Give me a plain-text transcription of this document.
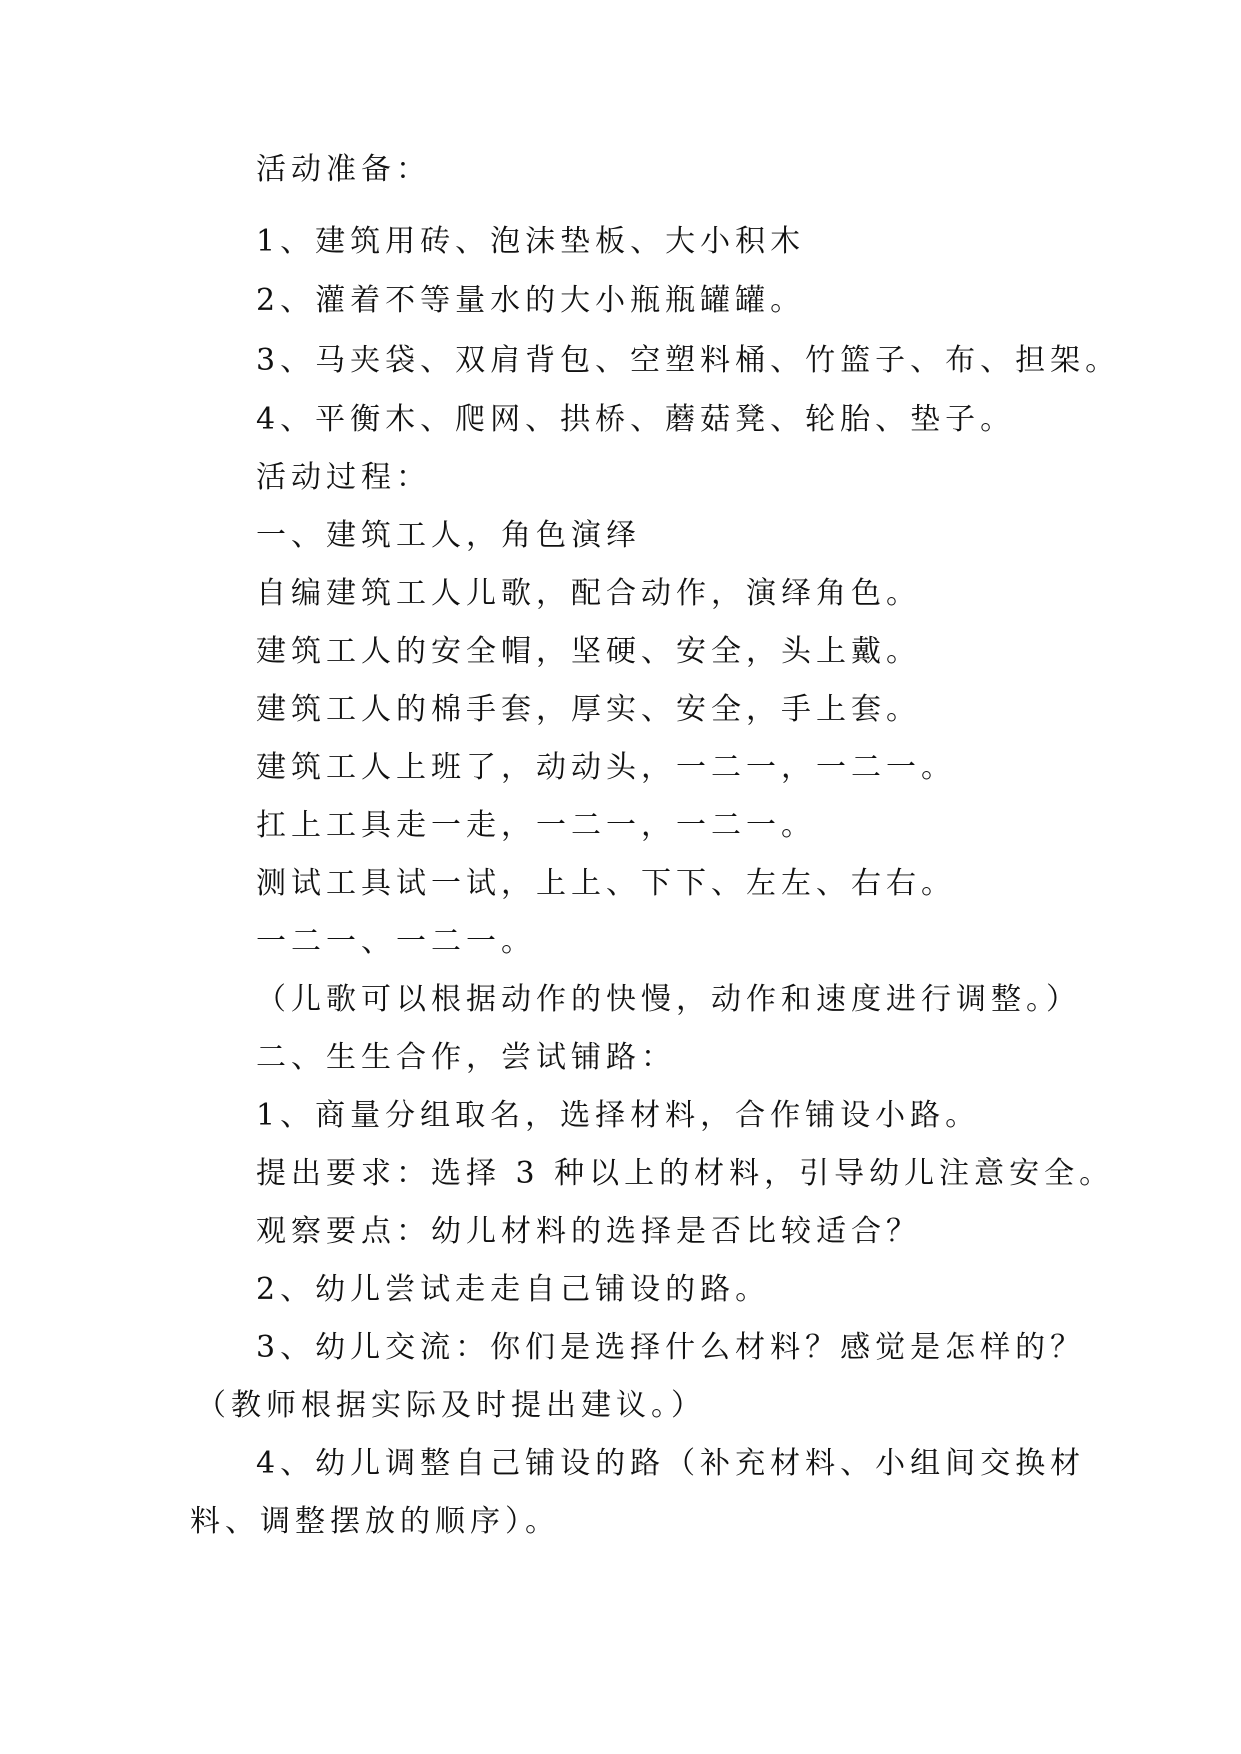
活动准备：
1、建筑用砖、泡沫垫板、大小积木
2、灌着不等量水的大小瓶瓶罐罐。
3、马夹袋、双肩背包、空塑料桶、竹篮子、布、担架。
4、平衡木、爬网、拱桥、蘑菇凳、轮胎、垫子。
活动过程：
一、建筑工人，角色演绎
自编建筑工人儿歌，配合动作，演绎角色。
建筑工人的安全帽，坚硬、安全，头上戴。
建筑工人的棉手套，厚实、安全，手上套。
建筑工人上班了，动动头，一二一，一二一。
扛上工具走一走，一二一，一二一。
测试工具试一试，上上、下下、左左、右右。
一二一、一二一。
（儿歌可以根据动作的快慢，动作和速度进行调整。）
二、生生合作，尝试铺路：
1、商量分组取名，选择材料，合作铺设小路。
提出要求：选择 3 种以上的材料，引导幼儿注意安全。
观察要点：幼儿材料的选择是否比较适合？
2、幼儿尝试走走自己铺设的路。
3、幼儿交流：你们是选择什么材料？感觉是怎样的？
（教师根据实际及时提出建议。）
4、幼儿调整自己铺设的路（补充材料、小组间交换材
料、调整摆放的顺序）。
